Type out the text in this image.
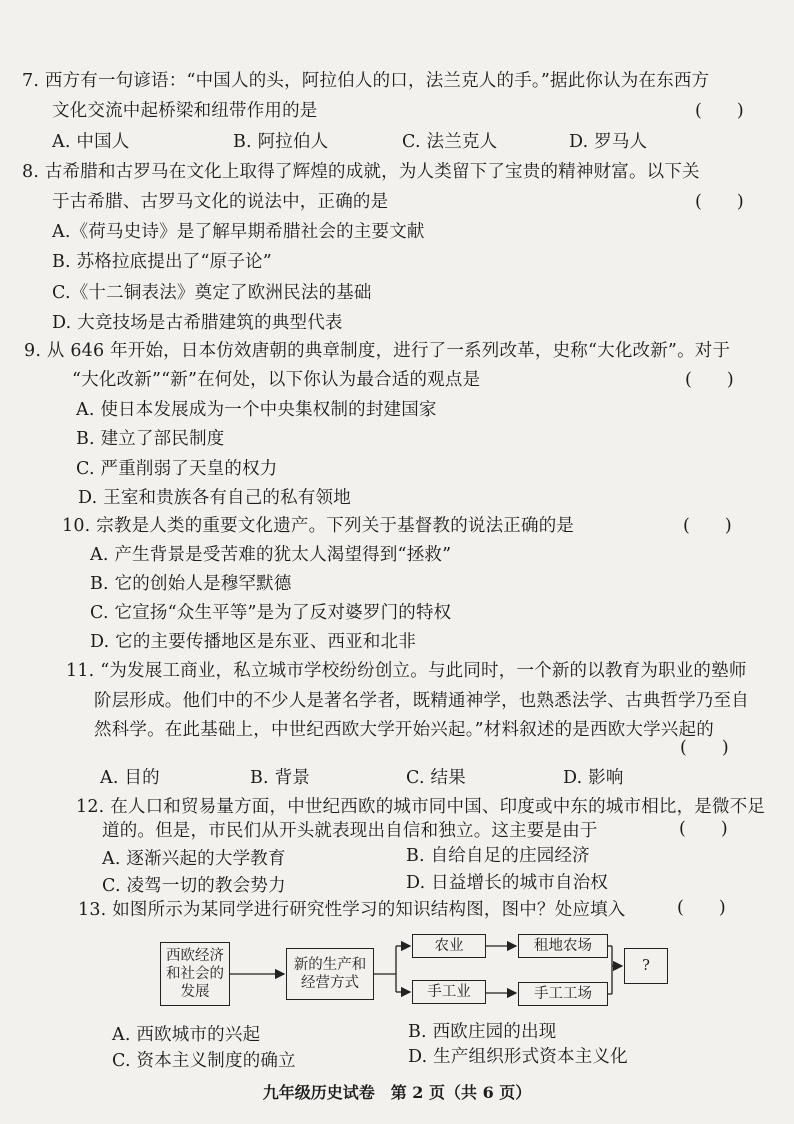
7. 西方有一句谚语：“中国人的头，阿拉伯人的口，法兰克人的手。”据此你认为在东西方
文化交流中起桥梁和纽带作用的是	(　　)
A. 中国人	B. 阿拉伯人	C. 法兰克人	D. 罗马人
8. 古希腊和古罗马在文化上取得了辉煌的成就，为人类留下了宝贵的精神财富。以下关
于古希腊、古罗马文化的说法中，正确的是	(　　)
A.《荷马史诗》是了解早期希腊社会的主要文献
B. 苏格拉底提出了“原子论”
C.《十二铜表法》奠定了欧洲民法的基础
D. 大竞技场是古希腊建筑的典型代表
9. 从 646 年开始，日本仿效唐朝的典章制度，进行了一系列改革，史称“大化改新”。对于
“大化改新”“新”在何处，以下你认为最合适的观点是	(　　)
A. 使日本发展成为一个中央集权制的封建国家
B. 建立了部民制度
C. 严重削弱了天皇的权力
D. 王室和贵族各有自己的私有领地
10. 宗教是人类的重要文化遗产。下列关于基督教的说法正确的是	(　　)
A. 产生背景是受苦难的犹太人渴望得到“拯救”
B. 它的创始人是穆罕默德
C. 它宣扬“众生平等”是为了反对婆罗门的特权
D. 它的主要传播地区是东亚、西亚和北非
11. “为发展工商业，私立城市学校纷纷创立。与此同时，一个新的以教育为职业的塾师
阶层形成。他们中的不少人是著名学者，既精通神学，也熟悉法学、古典哲学乃至自
然科学。在此基础上，中世纪西欧大学开始兴起。”材料叙述的是西欧大学兴起的
(　　)
A. 目的	B. 背景	C. 结果	D. 影响
12. 在人口和贸易量方面，中世纪西欧的城市同中国、印度或中东的城市相比，是微不足
道的。但是，市民们从开头就表现出自信和独立。这主要是由于	(　　)
A. 逐渐兴起的大学教育	B. 自给自足的庄园经济
C. 凌驾一切的教会势力	D. 日益增长的城市自治权
13. 如图所示为某同学进行研究性学习的知识结构图，图中？处应填入	(　　)
西欧经济
和社会的
发展
新的生产和
经营方式
农业	租地农场
手工业	手工工场
?
A. 西欧城市的兴起	B. 西欧庄园的出现
C. 资本主义制度的确立	D. 生产组织形式资本主义化
九年级历史试卷　第 2 页（共 6 页）
